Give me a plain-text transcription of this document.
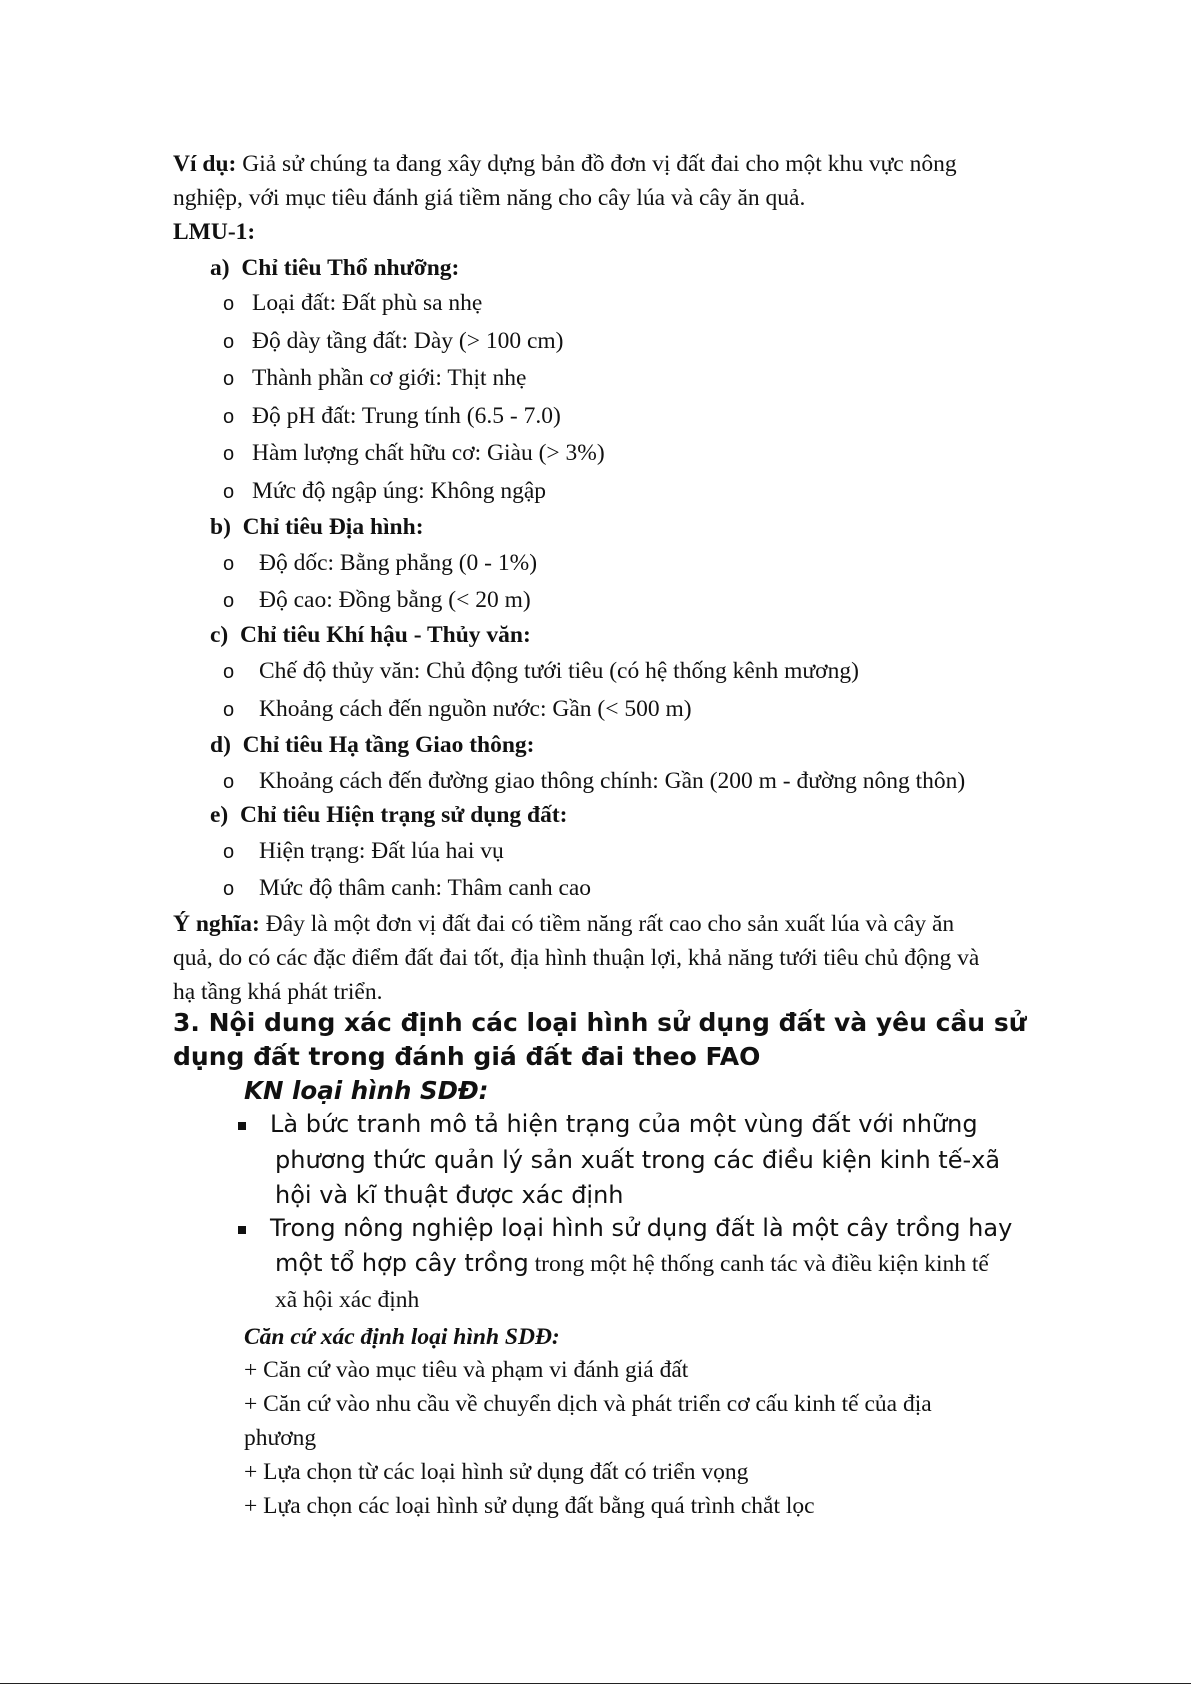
Ví dụ: Giả sử chúng ta đang xây dựng bản đồ đơn vị đất đai cho một khu vực nông
nghiệp, với mục tiêu đánh giá tiềm năng cho cây lúa và cây ăn quả.
LMU-1:
a) Chỉ tiêu Thổ nhưỡng:
o Loại đất: Đất phù sa nhẹ
o Độ dày tầng đất: Dày (> 100 cm)
o Thành phần cơ giới: Thịt nhẹ
o Độ pH đất: Trung tính (6.5 - 7.0)
o Hàm lượng chất hữu cơ: Giàu (> 3%)
o Mức độ ngập úng: Không ngập
b) Chỉ tiêu Địa hình:
o Độ dốc: Bằng phẳng (0 - 1%)
o Độ cao: Đồng bằng (< 20 m)
c) Chỉ tiêu Khí hậu - Thủy văn:
o Chế độ thủy văn: Chủ động tưới tiêu (có hệ thống kênh mương)
o Khoảng cách đến nguồn nước: Gần (< 500 m)
d) Chỉ tiêu Hạ tầng Giao thông:
o Khoảng cách đến đường giao thông chính: Gần (200 m - đường nông thôn)
e) Chỉ tiêu Hiện trạng sử dụng đất:
o Hiện trạng: Đất lúa hai vụ
o Mức độ thâm canh: Thâm canh cao
Ý nghĩa: Đây là một đơn vị đất đai có tiềm năng rất cao cho sản xuất lúa và cây ăn
quả, do có các đặc điểm đất đai tốt, địa hình thuận lợi, khả năng tưới tiêu chủ động và
hạ tầng khá phát triển.
3. Nội dung xác định các loại hình sử dụng đất và yêu cầu sử
dụng đất trong đánh giá đất đai theo FAO
KN loại hình SDĐ:
Là bức tranh mô tả hiện trạng của một vùng đất với những
phương thức quản lý sản xuất trong các điều kiện kinh tế-xã
hội và kĩ thuật được xác định
Trong nông nghiệp loại hình sử dụng đất là một cây trồng hay
một tổ hợp cây trồng trong một hệ thống canh tác và điều kiện kinh tế
xã hội xác định
Căn cứ xác định loại hình SDĐ:
+ Căn cứ vào mục tiêu và phạm vi đánh giá đất
+ Căn cứ vào nhu cầu về chuyển dịch và phát triển cơ cấu kinh tế của địa
phương
+ Lựa chọn từ các loại hình sử dụng đất có triển vọng
+ Lựa chọn các loại hình sử dụng đất bằng quá trình chắt lọc
